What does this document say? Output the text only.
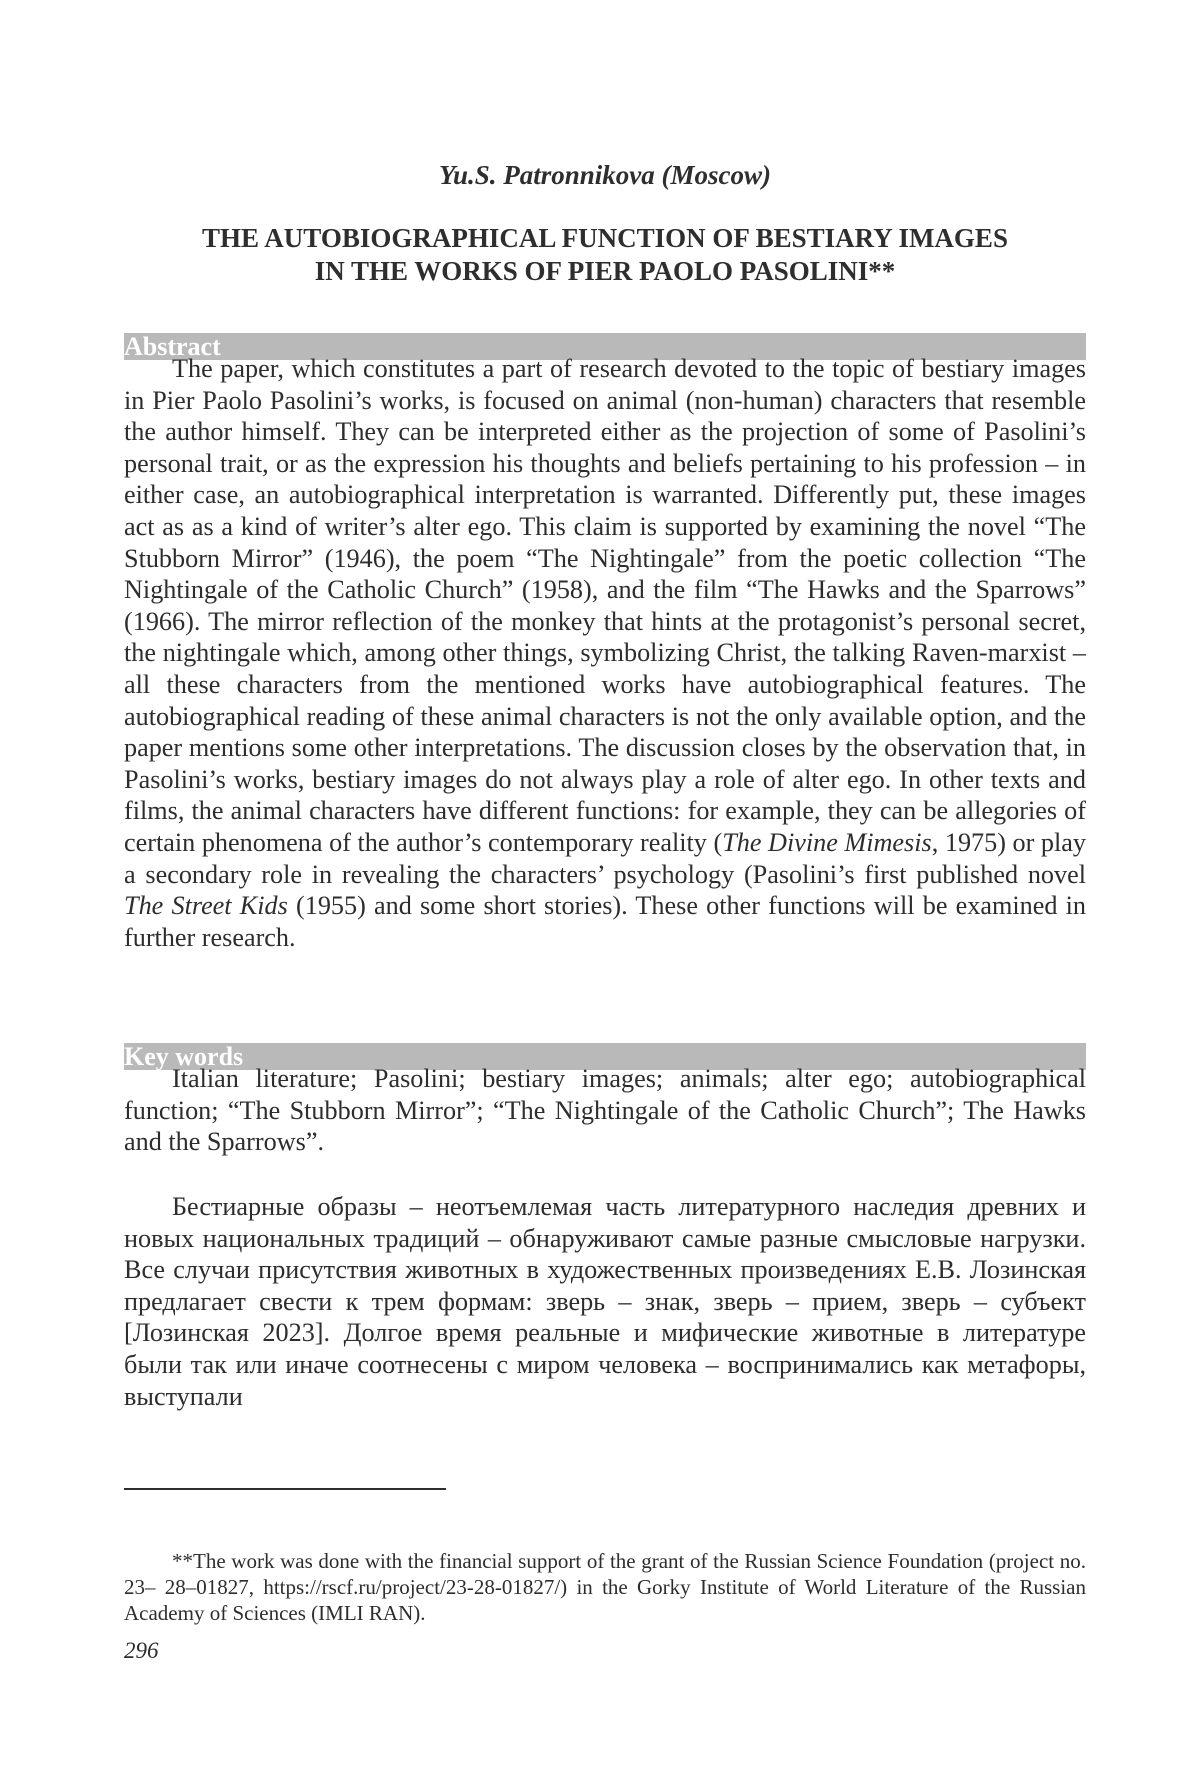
Yu.S. Patronnikova (Moscow)
THE AUTOBIOGRAPHICAL FUNCTION OF BESTIARY IMAGES
IN THE WORKS OF PIER PAOLO PASOLINI**
Abstract
The paper, which constitutes a part of research devoted to the topic of bestiary images in Pier Paolo Pasolini’s works, is focused on animal (non-human) characters that resemble the author himself. They can be interpreted either as the projection of some of Pasolini’s personal trait, or as the expression his thoughts and beliefs pertaining to his profession – in either case, an autobiographical interpretation is warranted. Differently put, these images act as as a kind of writer’s alter ego. This claim is supported by examining the novel “The Stubborn Mirror” (1946), the poem “The Nightingale” from the poetic collection “The Nightingale of the Catholic Church” (1958), and the film “The Hawks and the Sparrows” (1966). The mirror reflection of the monkey that hints at the protagonist’s personal secret, the nightingale which, among other things, symbolizing Christ, the talking Raven-marxist – all these characters from the mentioned works have autobiographical features. The autobiographical reading of these animal characters is not the only available option, and the paper mentions some other interpretations. The discussion closes by the observation that, in Pasolini’s works, bestiary images do not always play a role of alter ego. In other texts and films, the animal characters have different functions: for example, they can be allegories of certain phenomena of the author’s contemporary reality (The Divine Mimesis, 1975) or play a secondary role in revealing the characters’ psychology (Pasolini’s first published novel The Street Kids (1955) and some short stories). These other functions will be examined in further research.
Key words
Italian literature; Pasolini; bestiary images; animals; alter ego; autobiographical function; “The Stubborn Mirror”; “The Nightingale of the Catholic Church”; The Hawks and the Sparrows”.
Бестиарные образы – неотъемлемая часть литературного наследия древних и новых национальных традиций – обнаруживают самые разные смысловые нагрузки. Все случаи присутствия животных в художественных произведениях Е.В. Лозинская предлагает свести к трем формам: зверь – знак, зверь – прием, зверь – субъект [Лозинская 2023]. Долгое время реальные и мифические животные в литературе были так или иначе соотнесены с миром человека – воспринимались как метафоры, выступали
**The work was done with the financial support of the grant of the Russian Science Foundation (project no. 23– 28–01827, https://rscf.ru/project/23-28-01827/) in the Gorky Institute of World Literature of the Russian Academy of Sciences (IMLI RAN).
296
